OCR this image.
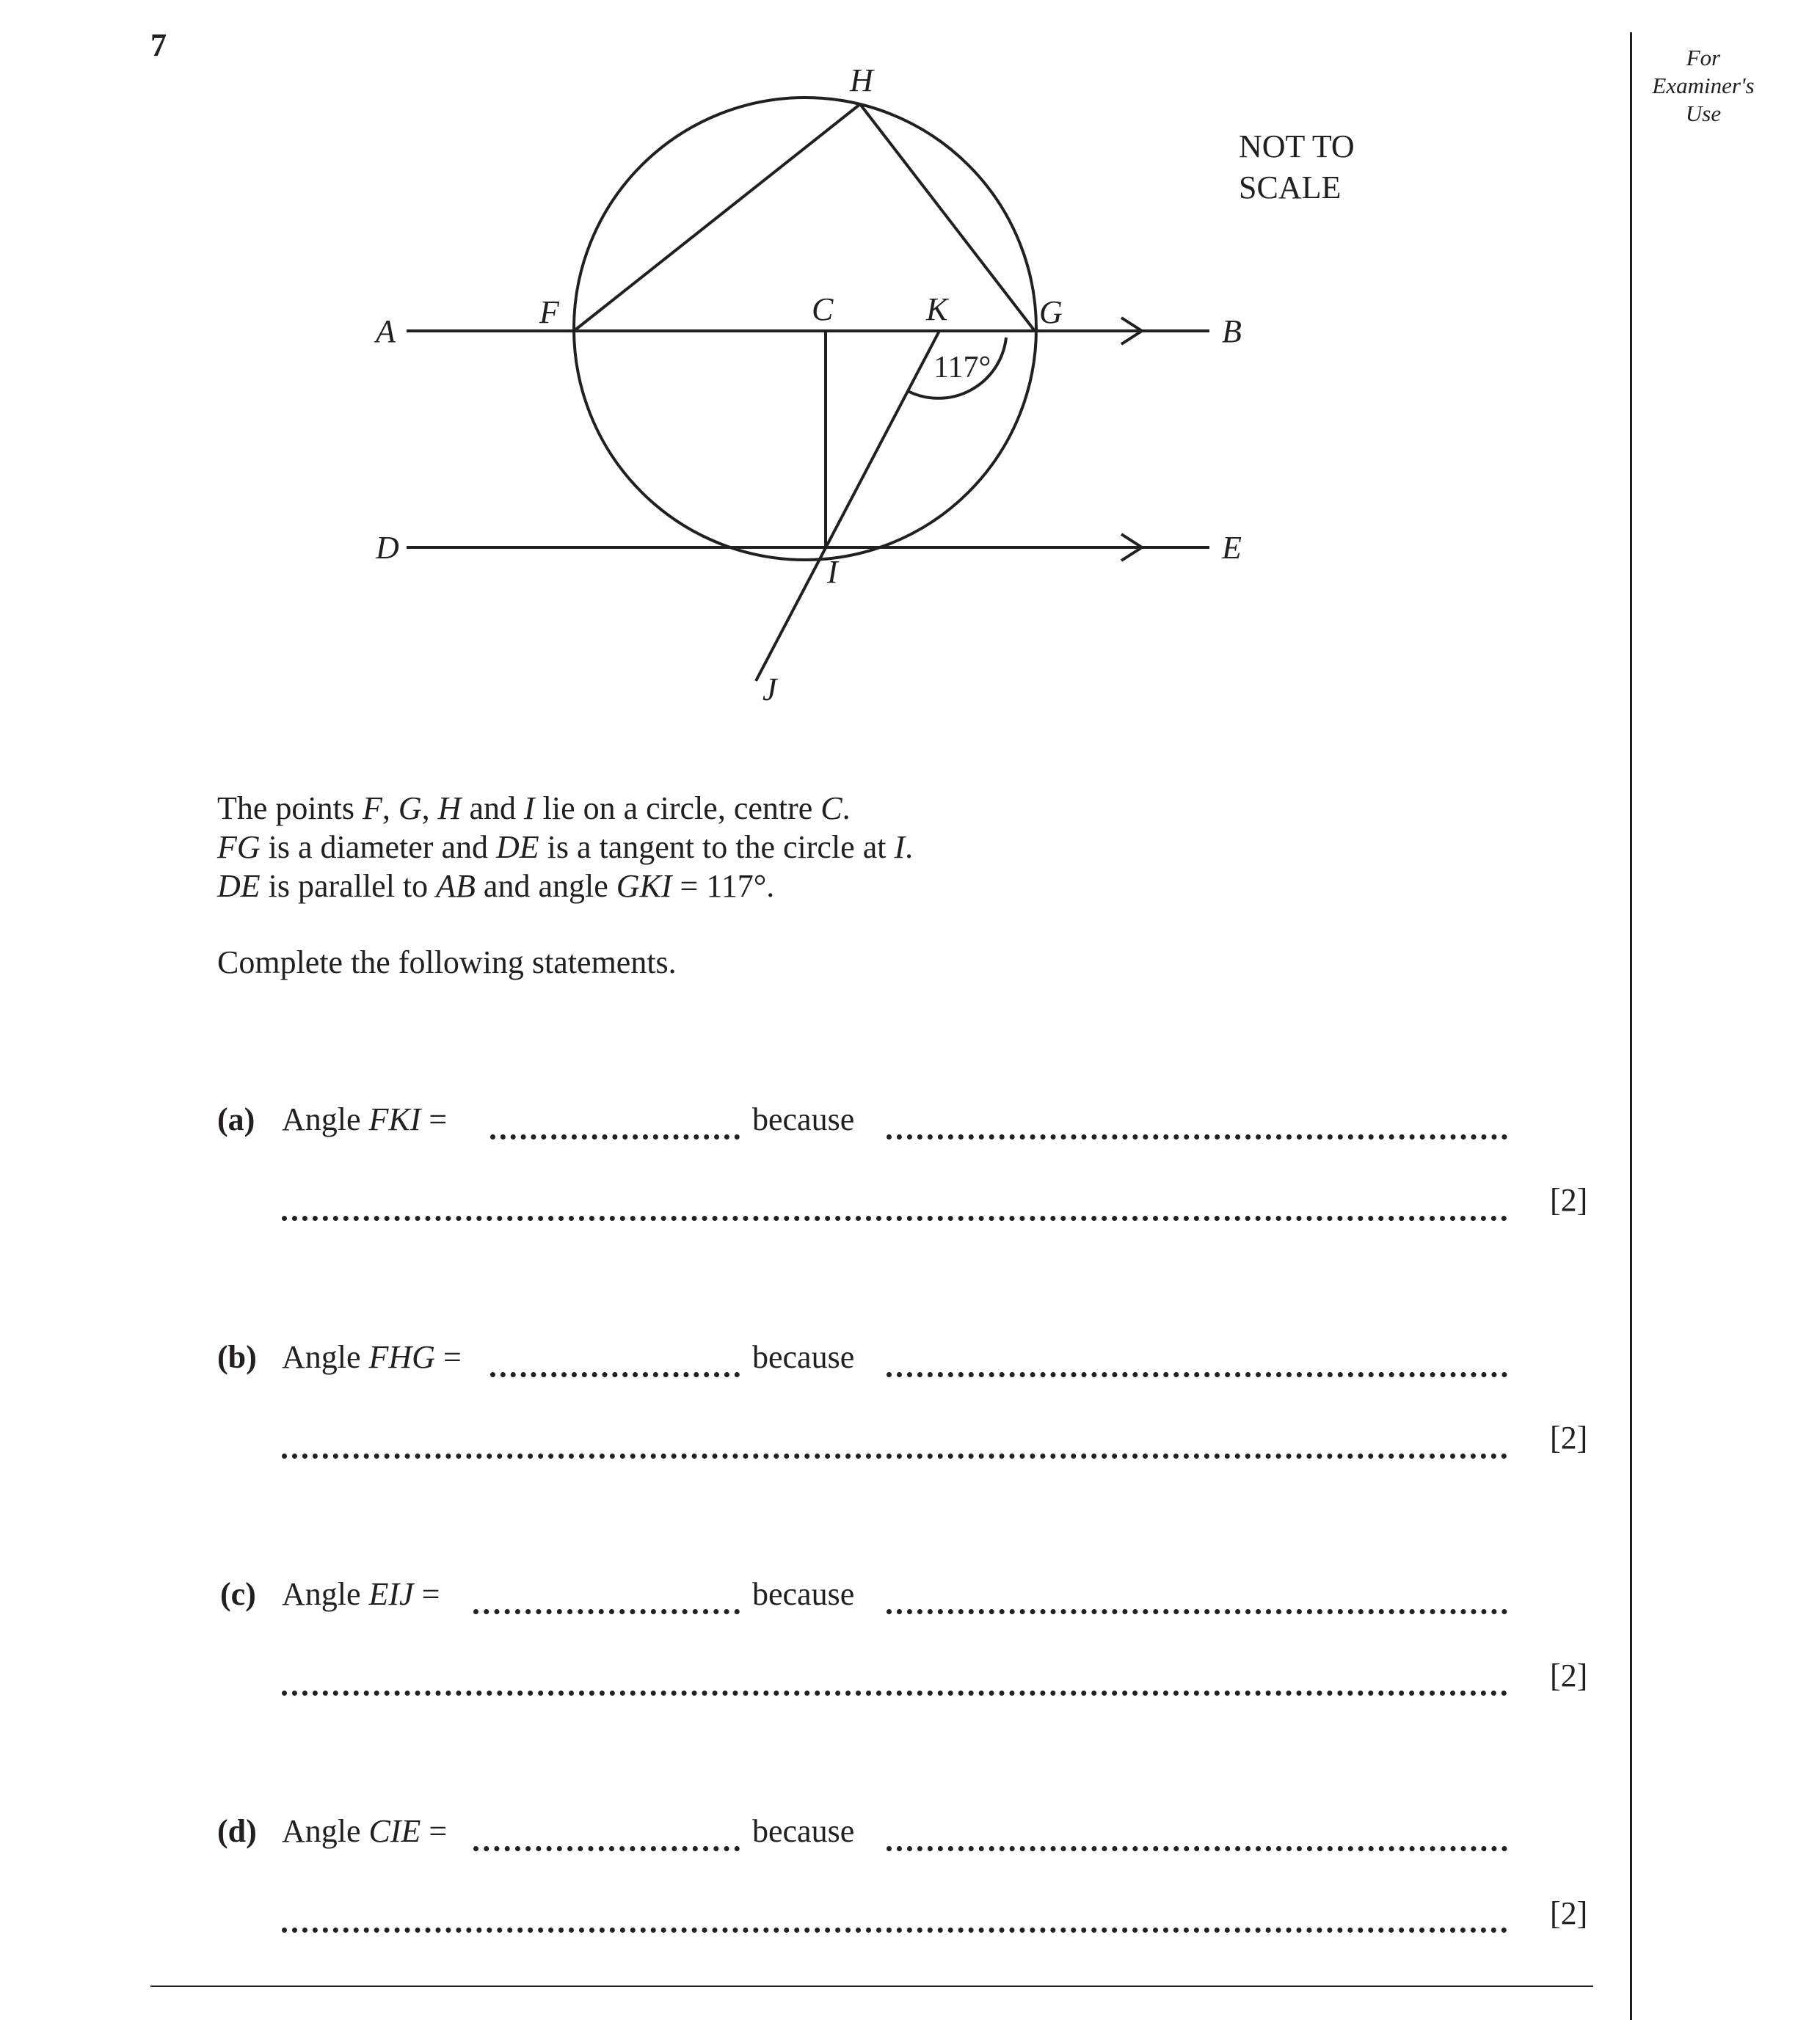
7	For
Examiner's
Use
A	B
C
D	E
F	G
H
I
J
K
117°
NOT TO
SCALE
The points F, G, H and I lie on a circle, centre C.
FG is a diameter and DE is a tangent to the circle at I.
DE is parallel to AB and angle GKI = 117°.
Complete the following statements.
(a) Angle FKI =	because
[2]
(b) Angle FHG =	because
[2]
(c) Angle EIJ =	because
[2]
(d) Angle CIE =	because
[2]
